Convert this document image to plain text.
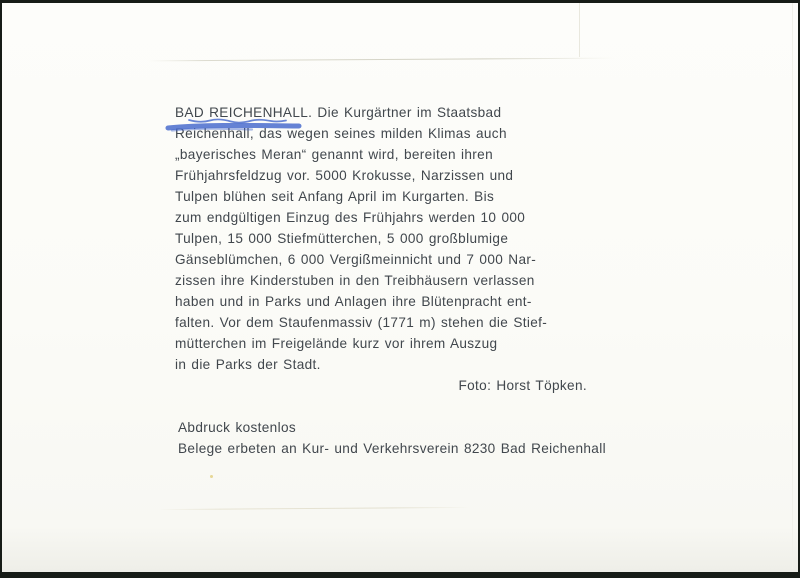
BAD REICHENHALL. Die Kurgärtner im Staatsbad
Reichenhall, das wegen seines milden Klimas auch
„bayerisches Meran“ genannt wird, bereiten ihren
Frühjahrsfeldzug vor. 5000 Krokusse, Narzissen und
Tulpen blühen seit Anfang April im Kurgarten. Bis
zum endgültigen Einzug des Frühjahrs werden 10 000
Tulpen, 15 000 Stiefmütterchen, 5 000 großblumige
Gänseblümchen, 6 000 Vergißmeinnicht und 7 000 Nar-
zissen ihre Kinderstuben in den Treibhäusern verlassen
haben und in Parks und Anlagen ihre Blütenpracht ent-
falten. Vor dem Staufenmassiv (1771 m) stehen die Stief-
mütterchen im Freigelände kurz vor ihrem Auszug
in die Parks der Stadt.
Foto: Horst Töpken.
Abdruck kostenlos
Belege erbeten an Kur- und Verkehrsverein 8230 Bad Reichenhall
